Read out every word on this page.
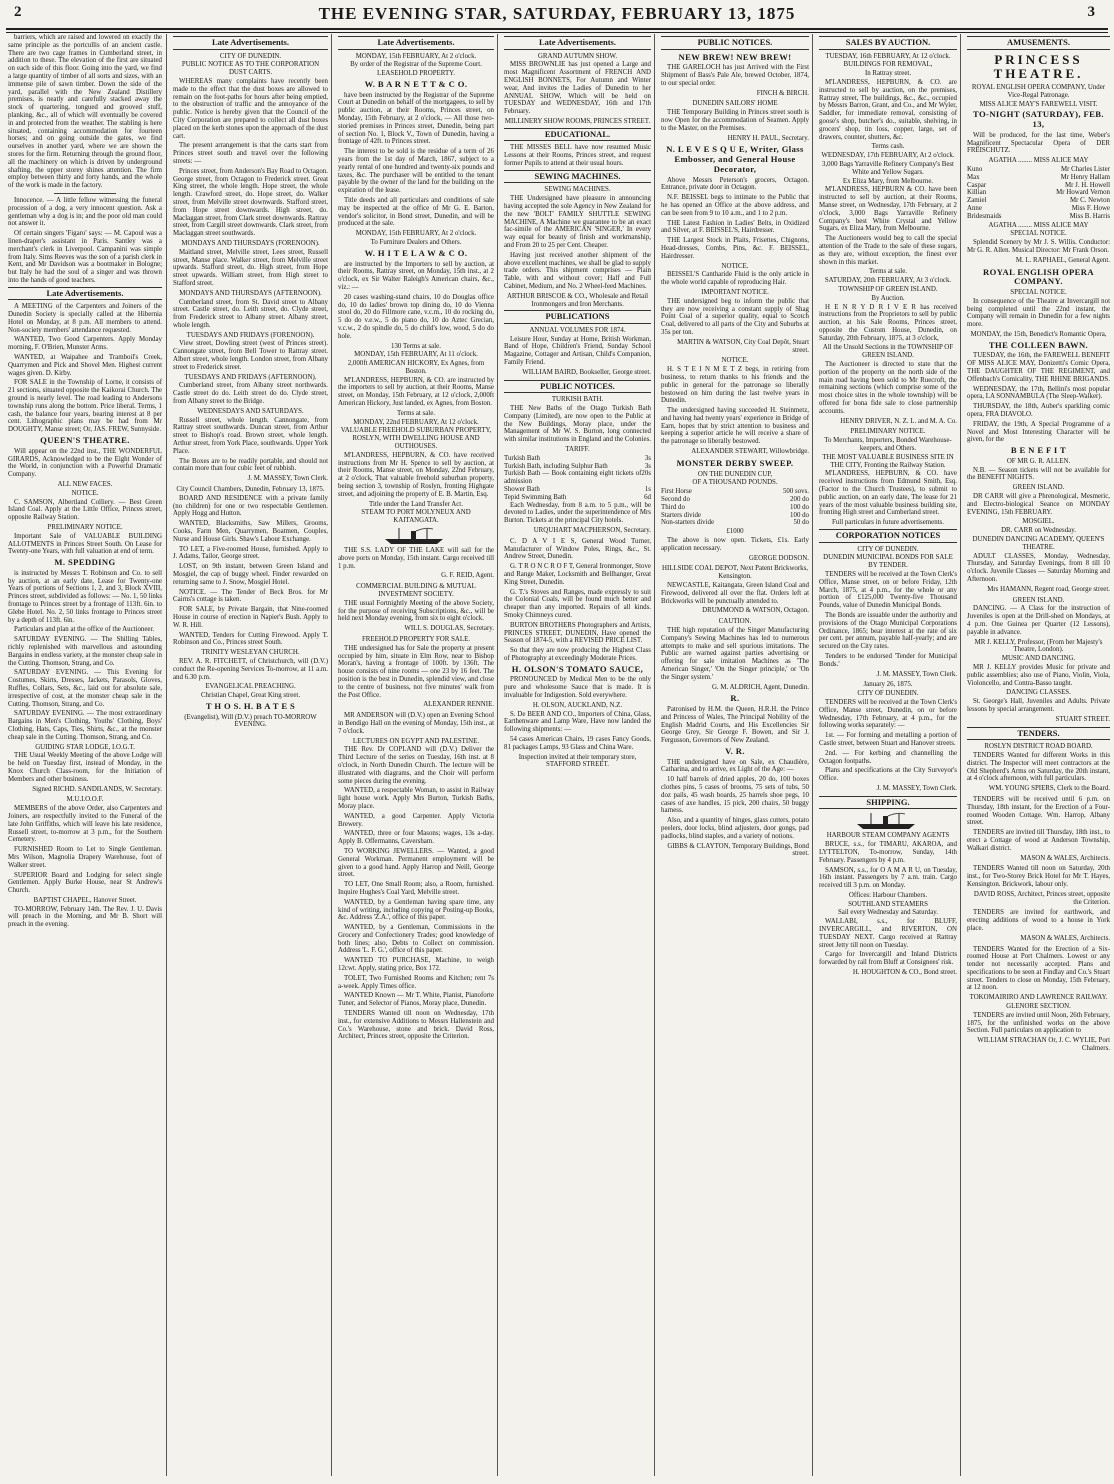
2	THE EVENING STAR, SATURDAY, FEBRUARY 13, 1875	3

barriers, which are raised and lowered on exactly the same principle as the portcullis of an ancient castle. There are two cage frames in Cumberland street, in addition to these. The elevation of the first are situated on each side of this floor. Going into the yard, we find a large quantity of timber of all sorts and sizes, with an immense pile of sawn timber. Down the side of the yard, parallel with the New Zealand Distillery premises, is neatly and carefully stacked away the stock of quartering, tongued and grooved stuff, planking, &c., all of which will eventually be covered in and protected from the weather. The stabling is here situated, containing accommodation for fourteen horses; and on going outside the gates, we find ourselves in another yard, where we are shown the stores for the firm. Returning through the ground floor, all the machinery on which is driven by underground shafting, the upper storey shines attention. The firm employ between thirty and forty hands, and the whole of the work is made in the factory.

Innocence. — A little fellow witnessing the funeral procession of a dog, a very innocent question. Ask a gentleman why a dog is in; and the poor old man could not answer it.

Of certain singers 'Figaro' says: — M. Capoul was a linen-draper's assistant in Paris. Santley was a merchant's clerk in Liverpool. Campanini was simple from Italy. Sims Reeves was the son of a parish clerk in Kent, and Mr Davidson was a bootmaker in Bologne; but Italy he had the soul of a singer and was thrown into the hands of good teachers.

Late Advertisements.

A MEETING of the Carpenters and Joiners of the Dunedin Society is specially called at the Hibernia Hotel on Monday, at 8 p.m. All members to attend. Non-society members' attendance requested.

WANTED, Two Good Carpenters. Apply Monday morning, F. O'Brien, Munster Arms.

WANTED, at Waipahee and Tramboil's Creek, Quarrymen and Pick and Shovel Men. Highest current wages given. D. Kirby.

FOR SALE in the Township of Lorne, it consists of 21 sections, situated opposite the Kaikorai Church. The ground is nearly level. The road leading to Andersons township runs along the bottom. Price liberal. Terms, 1 cash, the balance four years, bearing interest at 8 per cent. Lithographic plans may be had from Mr DOUGHTY, Manse street; Or, JAS. FREW, Sunnyside.

QUEEN'S THEATRE.

Will appear on the 22nd inst., THE WONDERFUL GIRARDS, Acknowledged to be the Eight Wonder of the World, in conjunction with a Powerful Dramatic Company.

ALL NEW FACES.
NOTICE.

C. SAMSON, Albertland Colliery. — Best Green Island Coal. Apply at the Little Office, Princes street, opposite Railway Station.

PRELIMINARY NOTICE.

Important Sale of VALUABLE BUILDING ALLOTMENTS in Princes Street South. On Lease for Twenty-one Years, with full valuation at end of term.

M. SPEDDING

is instructed by Messrs T. Robinson and Co. to sell by auction, at an early date, Lease for Twenty-one Years of portions of Sections 1, 2, and 3, Block XVIII, Princes street, subdivided as follows: — No. 1, 50 links frontage to Princes street by a frontage of 113ft. 6in. to Glebe Hotel. No. 2, 50 links frontage to Princes street by a depth of 113ft. 6in.

Particulars and plan at the office of the Auctioneer.

SATURDAY EVENING. — The Shilling Tables, richly replenished with marvellous and astounding Bargains in endless variety, at the monster cheap sale in the Cutting. Thomson, Strang, and Co.

SATURDAY EVENING. — This Evening for Costumes, Skirts, Dresses, Jackets, Parasols, Gloves, Ruffles, Collars, Sets, &c., laid out for absolute sale, irrespective of cost, at the monster cheap sale in the Cutting. Thomson, Strang, and Co.

SATURDAY EVENING. — The most extraordinary Bargains in Men's Clothing, Youths' Clothing, Boys' Clothing, Hats, Caps, Ties, Shirts, &c., at the monster cheap sale in the Cutting. Thomson, Strang, and Co.

GUIDING STAR LODGE, I.O.G.T.

THE Usual Weekly Meeting of the above Lodge will be held on Tuesday first, instead of Monday, in the Knox Church Class-room, for the Initiation of Members and other business.

Signed RICHD. SANDILANDS, W. Secretary.
M.U.I.O.O.F.

MEMBERS of the above Order, also Carpenters and Joiners, are respectfully invited to the Funeral of the late John Griffiths, which will leave his late residence, Russell street, to-morrow at 3 p.m., for the Southern Cemetery.

FURNISHED Room to Let to Single Gentleman. Mrs Wilson, Magnolia Drapery Warehouse, foot of Walker street.

SUPERIOR Board and Lodging for select single Gentlemen. Apply Burke House, near St Andrew's Church.

BAPTIST CHAPEL, Hanover Street.

TO-MORROW, February 14th. The Rev. J. U. Davis will preach in the Morning, and Mr B. Short will preach in the evening.

Late Advertisements.
CITY OF DUNEDIN.
PUBLIC NOTICE AS TO THE CORPORATION DUST CARTS.

WHEREAS many complaints have recently been made to the effect that the dust boxes are allowed to remain on the foot-paths for hours after being emptied, to the obstruction of traffic and the annoyance of the public. Notice is hereby given that the Council of the City Corporation are prepared to collect all dust boxes placed on the kerb stones upon the approach of the dust cart.

The present arrangement is that the carts start from Princes street south and travel over the following streets: —

Princes street, from Anderson's Bay Road to Octagon. George street, from Octagon to Frederick street. Great King street, the whole length. Hope street, the whole length. Crawford street, do. Hope street, do. Walker street, from Melville street downwards. Stafford street, from Hope street downwards. High street, do. Maclaggan street, from Clark street downwards. Rattray street, from Cargill street downwards. Clark street, from Maclaggan street southwards.

MONDAYS AND THURSDAYS (FORENOON).

Maitland street, Melville street, Lees street, Russell street, Manse place. Walker street, from Melville street upwards. Stafford street, do. High street, from Hope street upwards. William street, from High street to Stafford street.

MONDAYS AND THURSDAYS (AFTERNOON).

Cumberland street, from St. David street to Albany street. Castle street, do. Leith street, do. Clyde street, from Frederick street to Albany street. Albany street, whole length.

TUESDAYS AND FRIDAYS (FORENOON).

View street, Dowling street (west of Princes street). Cannongate street, from Bell Tower to Rattray street. Albert street, whole length. London street, from Albany street to Frederick street.

TUESDAYS AND FRIDAYS (AFTERNOON).

Cumberland street, from Albany street northwards. Castle street do do. Leith street do do. Clyde street, from Albany street to the Bridge.

WEDNESDAYS AND SATURDAYS.

Russell street, whole length. Cannongate, from Rattray street southwards. Duncan street, from Arthur street to Bishop's road. Brown street, whole length. Arthur street, from York Place, southwards. Upper York Place.

The Boxes are to be readily portable, and should not contain more than four cubic feet of rubbish.

J. M. MASSEY, Town Clerk.
City Council Chambers, Dunedin, February 13, 1875.

BOARD AND RESIDENCE with a private family (no children) for one or two respectable Gentlemen. Apply Hogg and Hutton.

WANTED, Blacksmiths, Saw Millers, Grooms, Cooks, Farm Men, Quarrymen, Boatmen, Couples, Nurse and House Girls. Shaw's Labour Exchange.

TO LET, a Five-roomed House, furnished. Apply to J. Adams, Tailor, George street.

LOST, on 9th instant, between Green Island and Mosgiel, the cap of buggy wheel. Finder rewarded on returning same to J. Snow, Mosgiel Hotel.

NOTICE. — The Tender of Beck Bros. for Mr Cairns's cottage is taken.

FOR SALE, by Private Bargain, that Nine-roomed House in course of erection in Napier's Bush. Apply to W. R. Hill.

WANTED, Tenders for Cutting Firewood. Apply T. Robinson and Co., Princes street South.

TRINITY WESLEYAN CHURCH.

REV. A. R. FITCHETT, of Christchurch, will (D.V.) conduct the Re-opening Services To-morrow, at 11 a.m. and 6.30 p.m.

EVANGELICAL PREACHING.
Christian Chapel, Great King street.
T H O S. H. B A T E S
(Evangelist), Will (D.V.) preach TO-MORROW EVENING.
Late Advertisements.
MONDAY, 15th FEBRUARY, At 2 o'clock.
By order of the Registrar of the Supreme Court.
LEASEHOLD PROPERTY.
W. B A R N E T T & C O.

have been instructed by the Registrar of the Supreme Court at Dunedin on behalf of the mortgagees, to sell by public auction, at their Rooms, Princes street, on Monday, 15th February, at 2 o'clock, — All those two-storied premises in Princes street, Dunedin, being part of section No. 1, Block V., Town of Dunedin, having a frontage of 42ft. to Princes street.

The interest to be sold is the residue of a term of 26 years from the 1st day of March, 1867, subject to a yearly rental of one hundred and twenty-six pounds and taxes, &c. The purchaser will be entitled to the tenant payable by the owner of the land for the building on the expiration of the lease.

Title deeds and all particulars and conditions of sale may be inspected at the office of Mr G. E. Barton, vendor's solicitor, in Bond street, Dunedin, and will be produced at the sale.

MONDAY, 15th FEBRUARY, At 2 o'clock.
To Furniture Dealers and Others.
W. H I T E L A W & C O.

are instructed by the Importers to sell by auction, at their Rooms, Rattray street, on Monday, 15th inst., at 2 o'clock, ex Sir Walter Raleigh's American chairs, &c., viz.: —

20 cases washing-stand chairs, 10 do Douglas office do, 10 do ladies' brown top dining do, 10 do Vienna stool do, 20 do Fillmore cane, v.c.m., 10 do rocking do, 5 do do v.e.w., 5 do piano do, 10 do Aztec Grecian, v.c.w., 2 do spindle do, 5 do child's low, wood, 5 do do hole.

130 Terms at sale.
MONDAY, 15th FEBRUARY, At 11 o'clock.
2,000ft AMERICAN HICKORY, Ex Agnes, from Boston.

M'LANDRESS, HEPBURN, & CO. are instructed by the importers to sell by auction, at their Rooms, Manse street, on Monday, 15th February, at 12 o'clock, 2,000ft American Hickory, Just landed, ex Agnes, from Boston.

Terms at sale.
MONDAY, 22nd FEBRUARY, At 12 o'clock.
VALUABLE FREEHOLD SUBURBAN PROPERTY, ROSLYN, WITH DWELLING HOUSE AND OUTHOUSES.

M'LANDRESS, HEPBURN, & CO. have received instructions from Mr H. Spence to sell by auction, at their Rooms, Manse street, on Monday, 22nd February, at 2 o'clock, That valuable freehold suburban property, being section 3, township of Roslyn, fronting Highgate street, and adjoining the property of E. B. Martin, Esq.

Title under the Land Transfer Act.
STEAM TO PORT MOLYNEUX AND KAITANGATA.

THE S.S. LADY OF THE LAKE will sail for the above ports on Monday, 15th instant. Cargo received till 1 p.m.

G. F. REID, Agent.
COMMERCIAL BUILDING & MUTUAL INVESTMENT SOCIETY.

THE usual Fortnightly Meeting of the above Society, for the purpose of receiving Subscriptions, &c., will be held next Monday evening, from six to eight o'clock.

WILL S. DOUGLAS, Secretary.
FREEHOLD PROPERTY FOR SALE.

THE undersigned has for Sale the property at present occupied by him, situate in Elm Row, near to Bishop Moran's, having a frontage of 100ft. by 136ft. The house consists of nine rooms — one 23 by 16 feet. The position is the best in Dunedin, splendid view, and close to the centre of business, not five minutes' walk from the Post Office.

ALEXANDER RENNIE.

MR ANDERSON will (D.V.) open an Evening School in Bendigo Hall on the evening of Monday, 15th inst., at 7 o'clock.

LECTURES ON EGYPT AND PALESTINE.

THE Rev. Dr COPLAND will (D.V.) Deliver the Third Lecture of the series on Tuesday, 16th inst. at 8 o'clock, in North Dunedin Church. The lecture will be illustrated with diagrams, and the Choir will perform some pieces during the evening.

WANTED, a respectable Woman, to assist in Railway light house work. Apply Mrs Burton, Turkish Baths, Moray place.

WANTED, a good Carpenter. Apply Victoria Brewery.

WANTED, three or four Masons; wages, 13s a-day. Apply B. Offermanns, Caversham.

TO WORKING JEWELLERS. — Wanted, a good General Workman. Permanent employment will be given to a good hand. Apply Harrop and Neill, George street.

TO LET, One Small Room; also, a Room, furnished. Inquire Hughes's Coal Yard, Melville street.

WANTED, by a Gentleman having spare time, any kind of writing, including copying or Posting-up Books, &c. Address 'Z.A.', office of this paper.

WANTED, by a Gentleman, Commissions in the Grocery and Confectionery Trades; good knowledge of both lines; also, Debts to Collect on commission. Address 'L. F. G.', office of this paper.

WANTED TO PURCHASE, Machine, to weigh 12cwt. Apply, stating price, Box 172.

TOLET, Two Furnished Rooms and Kitchen; rent 7s a-week. Apply Times office.

WANTED Known — Mr T. White, Pianist, Pianoforte Tuner, and Selector of Pianos, Moray place, Dunedin.

TENDERS Wanted till noon on Wednesday, 17th inst., for extensive Additions to Messrs Hallenstein and Co.'s Warehouse, stone and brick. David Ross, Architect, Princes street, opposite the Criterion.

Late Advertisements.
GRAND AUTUMN SHOW.

MISS BROWNLIE has just opened a Large and most Magnificent Assortment of FRENCH AND ENGLISH BONNETS, For Autumn and Winter wear, And invites the Ladies of Dunedin to her ANNUAL SHOW, Which will be held on TUESDAY and WEDNESDAY, 16th and 17th February.

MILLINERY SHOW ROOMS, PRINCES STREET.
EDUCATIONAL.

THE MISSES BELL have now resumed Music Lessons at their Rooms, Princes street, and request former Pupils to attend at their usual hours.

SEWING MACHINES.
SEWING MACHINES.

THE Undersigned have pleasure in announcing having accepted the sole Agency in New Zealand for the new 'BOLT' FAMILY SHUTTLE SEWING MACHINE, A Machine we guarantee to be an exact fac-simile of the AMERICAN 'SINGER,' In every way equal for beauty of finish and workmanship, and From 20 to 25 per Cent. Cheaper.

Having just received another shipment of the above excellent machines, we shall be glad to supply trade orders. This shipment comprises — Plain Table, with and without cover; Half and Full Cabinet, Medium, and No. 2 Wheel-feed Machines.

ARTHUR BRISCOE & CO., Wholesale and Retail Ironmongers and Iron Merchants.
PUBLICATIONS
ANNUAL VOLUMES FOR 1874.

Leisure Hour, Sunday at Home, British Workman, Band of Hope, Children's Friend, Sunday School Magazine, Cottager and Artisan, Child's Companion, Family Friend.

WILLIAM BAIRD, Bookseller, George street.
PUBLIC NOTICES.
TURKISH BATH.

THE New Baths of the Otago Turkish Bath Company (Limited), are now open to the Public at the New Buildings, Moray place, under the Management of Mr W. S. Burton, long connected with similar institutions in England and the Colonies.

TARIFF.
Turkish Bath	3s
Turkish Bath, including Sulphur Bath	3s
Turkish Bath — Book containing eight tickets of admission
20s
Shower Bath	1s
Tepid Swimming Bath	6d

Each Wednesday, from 8 a.m. to 5 p.m., will be devoted to Ladies, under the superintendence of Mrs Burton. Tickets at the principal City hotels.

URQUHART MACPHERSON, Secretary.

C. D A V I E S, General Wood Turner, Manufacturer of Window Poles, Rings, &c., St. Andrew Street, Dunedin.

G. T R O N C R O F T, General Ironmonger, Stove and Range Maker, Locksmith and Bellhanger, Great King Street, Dunedin.

G. T.'s Stoves and Ranges, made expressly to suit the Colonial Coals, will be found much better and cheaper than any imported. Repairs of all kinds. Smoky Chimneys cured.

BURTON BROTHERS Photographers and Artists, PRINCES STREET, DUNEDIN, Have opened the Season of 1874-5, with a REVISED PRICE LIST.

So that they are now producing the Highest Class of Photography at exceedingly Moderate Prices.

H. OLSON'S TOMATO SAUCE,

PRONOUNCED by Medical Men to be the only pure and wholesome Sauce that is made. It is invaluable for Indigestion. Sold everywhere.

H. OLSON, AUCKLAND, N.Z.

S. De BEER AND CO., Importers of China, Glass, Earthenware and Lamp Ware, Have now landed the following shipments: —

54 cases American Chairs, 19 cases Fancy Goods, 81 packages Lamps, 93 Glass and China Ware.

Inspection invited at their temporary store, STAFFORD STREET.
PUBLIC NOTICES.
NEW BREW! NEW BREW!

THE GARELOCH has just Arrived with the First Shipment of Bass's Pale Ale, brewed October, 1874, to our special order.

FINCH & BIRCH.
DUNEDIN SAILORS' HOME

THE Temporary Building in Princes street south is now Open for the accommodation of Seamen. Apply to the Master, on the Premises.

HENRY H. PAUL, Secretary.
N. L E V E S Q U E, Writer, Glass Embosser, and General House Decorator,

Above Messrs Peterson's grocers, Octagon. Entrance, private door in Octagon.

N.F. BEISSEL begs to intimate to the Public that he has opened an Office at the above address, and can be seen from 9 to 10 a.m., and 1 to 2 p.m.

THE Latest Fashion in Ladies' Belts, in Oxidized and Silver, at F. BEISSEL'S, Hairdresser.

THE Largest Stock in Plaits, Frisettes, Chignons, Head-dresses, Combs, Pins, &c. F. BEISSEL, Hairdresser.

NOTICE.

BEISSEL'S Cantharide Fluid is the only article in the whole world capable of reproducing Hair.

IMPORTANT NOTICE.

THE undersigned beg to inform the public that they are now receiving a constant supply of Shag Point Coal of a superior quality, equal to Scotch Coal, delivered to all parts of the City and Suburbs at 35s per ton.

MARTIN & WATSON, City Coal Depôt, Stuart street.
NOTICE.

H. S T E I N M E T Z begs, in retiring from business, to return thanks to his friends and the public in general for the patronage so liberally bestowed on him during the last twelve years in Dunedin.

The undersigned having succeeded H. Steinmetz, and having had twenty years' experience in Bridge of Earn, hopes that by strict attention to business and keeping a superior article he will receive a share of the patronage so liberally bestowed.

ALEXANDER STEWART, Willowbridge.
MONSTER DERBY SWEEP.
ON THE DUNEDIN CUP,
OF A THOUSAND POUNDS.
First Horse	500 sovs.
Second do	200 do
Third do	100 do
Starters divide	100 do
Non-starters divide	50 do
£1000

The above is now open. Tickets, £1s. Early application necessary.

GEORGE DODSON.
HILLSIDE COAL DEPOT, Next Patent Brickworks, Kensington.

NEWCASTLE, Kaitangata, Green Island Coal and Firewood, delivered all over the flat. Orders left at Brickworks will be punctually attended to.

DRUMMOND & WATSON, Octagon.
CAUTION.

THE high reputation of the Singer Manufacturing Company's Sewing Machines has led to numerous attempts to make and sell spurious imitations. The Public are warned against parties advertising or offering for sale imitation Machines as 'The American Singer,' 'On the Singer principle,' or 'On the Singer system.'

G. M. ALDRICH, Agent, Dunedin.
R.

Patronised by H.M. the Queen, H.R.H. the Prince and Princess of Wales, The Principal Nobility of the English Madrid Courts, and His Excellencies Sir George Grey, Sir George F. Bowen, and Sir J. Fergusson, Governors of New Zealand.

V. R.

THE undersigned have on Sale, ex Chaudière, Catharina, and to arrive, ex Light of the Age: —

10 half barrels of dried apples, 20 do, 100 boxes clothes pins, 5 cases of brooms, 75 sets of tubs, 50 doz pails, 45 wash boards, 25 barrels shoe pegs, 10 cases of axe handles, 15 pick, 200 chairs, 50 buggy harness.

Also, and a quantity of hinges, glass cutters, potato peelers, door locks, blind adjusters, door gongs, pad padlocks, blind staples, and a variety of notions.

GIBBS & CLAYTON, Temporary Buildings, Bond street.
SALES BY AUCTION.
TUESDAY, 16th FEBRUARY, At 12 o'clock.
BUILDINGS FOR REMOVAL,
In Rattray street.

M'LANDRESS, HEPBURN, & CO. are instructed to sell by auction, on the premises, Rattray street, The buildings, &c., &c., occupied by Messrs Barron, Grant, and Co., and Mr Wyler, Saddler, for immediate removal, consisting of goose's shop, butcher's do., suitable, shelving, in grocers' shop, tin loss, copper, large, set of drawers, counter, shutters, &c.

Terms cash.
WEDNESDAY, 17th FEBRUARY, At 2 o'clock.
3,000 Bags Yarraville Refinery Company's Best White and Yellow Sugars.
Ex Eliza Mary, from Melbourne.

M'LANDRESS, HEPBURN & CO. have been instructed to sell by auction, at their Rooms, Manse street, on Wednesday, 17th February, at 2 o'clock, 3,000 Bags Yarraville Refinery Company's best White Crystal and Yellow Sugars, ex Eliza Mary, from Melbourne.

The Auctioneers would beg to call the special attention of the Trade to the sale of these sugars, as they are, without exception, the finest ever shown in this market.

Terms at sale.
SATURDAY, 20th FEBRUARY, At 3 o'clock.
TOWNSHIP OF GREEN ISLAND.
By Auction.

H E N R Y D R I V E R has received instructions from the Proprietors to sell by public auction, at his Sale Rooms, Princes street, opposite the Custom House, Dunedin, on Saturday, 20th February, 1875, at 3 o'clock,

All the Unsold Sections in the TOWNSHIP OF GREEN ISLAND.

The Auctioneer is directed to state that the portion of the property on the north side of the main road having been sold to Mr Ruecroft, the remaining sections (which comprise some of the most choice sites in the whole township) will be offered for bona fide sale to close partnership accounts.

HENRY DRIVER, N. Z. L. and M. A. Co.
PRELIMINARY NOTICE.
To Merchants, Importers, Bonded Warehouse-keepers, and Others.
THE MOST VALUABLE BUSINESS SITE IN THE CITY, Fronting the Railway Station.

M'LANDRESS, HEPBURN, & CO. have received instructions from Edmund Smith, Esq. (Factor to the Church Trustees), to submit to public auction, on an early date, The lease for 21 years of the most valuable business building site, fronting High street and Cumberland street.

Full particulars in future advertisements.
CORPORATION NOTICES
CITY OF DUNEDIN.
DUNEDIN MUNICIPAL BONDS FOR SALE BY TENDER.

TENDERS will be received at the Town Clerk's Office, Manse street, on or before Friday, 12th March, 1875, at 4 p.m., for the whole or any portion of £125,000 Twenty-five Thousand Pounds, value of Dunedin Municipal Bonds.

The Bonds are issuable under the authority and provisions of the Otago Municipal Corporations Ordinance, 1865; bear interest at the rate of six per cent. per annum, payable half-yearly; and are secured on the City rates.

Tenders to be endorsed 'Tender for Municipal Bonds.'

J. M. MASSEY, Town Clerk.
January 26, 1875.
CITY OF DUNEDIN.

TENDERS will be received at the Town Clerk's Office, Manse street, Dunedin, on or before Wednesday, 17th February, at 4 p.m., for the following works separately: —

1st. — For forming and metalling a portion of Castle street, between Stuart and Hanover streets.

2nd. — For kerbing and channelling the Octagon footpaths.

Plans and specifications at the City Surveyor's Office.

J. M. MASSEY, Town Clerk.
SHIPPING.
HARBOUR STEAM COMPANY AGENTS

BRUCE, s.s., for TIMARU, AKAROA, and LYTTELTON, To-morrow, Sunday, 14th February. Passengers by 4 p.m.

SAMSON, s.s., for O A M A R U, on Tuesday, 16th instant. Passengers by 7 a.m. train. Cargo received till 3 p.m. on Monday.

Offices: Harbour Chambers.
SOUTHLAND STEAMERS
Sail every Wednesday and Saturday.

WALLABI, s.s., for BLUFF, INVERCARGILL, and RIVERTON, ON TUESDAY NEXT. Cargo received at Rattray street Jetty till noon on Tuesday.

Cargo for Invercargill and Inland Districts forwarded by rail from Bluff at Consignees' risk.

H. HOUGHTON & CO., Bond street.
AMUSEMENTS.
PRINCESS THEATRE.
ROYAL ENGLISH OPERA COMPANY, Under Vice-Regal Patronage.
MISS ALICE MAY'S FAREWELL VISIT.
TO-NIGHT (SATURDAY), FEB. 13,

Will be produced, for the last time, Weber's Magnificent Spectacular Opera of DER FREISCHUTZ.

AGATHA ........ MISS ALICE MAY
Kuno	Mr Charles Lister
Max	Mr Henry Hallam
Caspar	Mr J. H. Howell
Killian	Mr Howard Vernon
Zamiel	Mr C. Newton
Anne	Miss F. Howe
Bridesmaids	Miss B. Harris
AGATHA ........ MISS ALICE MAY
SPECIAL NOTICE.

Splendid Scenery by Mr J. S. Willis. Conductor: Mr G. R. Allen. Musical Director: Mr Frank Orson.

M. L. RAPHAEL, General Agent.
ROYAL ENGLISH OPERA COMPANY.
SPECIAL NOTICE.

In consequence of the Theatre at Invercargill not being completed until the 22nd instant, the Company will remain in Dunedin for a few nights more.

MONDAY, the 15th, Benedict's Romantic Opera,
THE COLLEEN BAWN.

TUESDAY, the 16th, the FAREWELL BENEFIT OF MISS ALICE MAY, Donizetti's Comic Opera, THE DAUGHTER OF THE REGIMENT, and Offenbach's Comicality, THE RHINE BRIGANDS.

WEDNESDAY, the 17th, Bellini's most popular opera, LA SONNAMBULA (The Sleep-Walker).

THURSDAY, the 18th, Auber's sparkling comic opera, FRA DIAVOLO.

FRIDAY, the 19th, A Special Programme of a Novel and Most Interesting Character will be given, for the

B E N E F I T
OF MR G. R. ALLEN.

N.B. — Season tickets will not be available for the BENEFIT NIGHTS.

GREEN ISLAND.

DR CARR will give a Phrenological, Mesmeric, and Electro-biological Seance on MONDAY EVENING, 15th FEBRUARY.

MOSGIEL.
DR. CARR on Wednesday.
DUNEDIN DANCING ACADEMY, QUEEN'S THEATRE.

ADULT CLASSES, Monday, Wednesday, Thursday, and Saturday Evenings, from 8 till 10 o'clock. Juvenile Classes — Saturday Morning and Afternoon.

Mrs HAMANN, Regent road, George street.
GREEN ISLAND.

DANCING. — A Class for the instruction of Juveniles is open at the Drill-shed on Mondays, at 4 p.m. One Guinea per Quarter (12 Lessons), payable in advance.

MR J. KELLY, Professor, (From her Majesty's Theatre, London).
MUSIC AND DANCING.

MR J. KELLY provides Music for private and public assemblies; also use of Piano, Violin, Viola, Violoncello, and Contra-Basso taught.

DANCING CLASSES.

St. George's Hall, Juveniles and Adults. Private lessons by special arrangement.

STUART STREET.
TENDERS.
ROSLYN DISTRICT ROAD BOARD.

TENDERS Wanted for different Works in this district. The Inspector will meet contractors at the Old Shepherd's Arms on Saturday, the 20th instant, at 4 o'clock afternoon, with full particulars.

WM. YOUNG SPIERS, Clerk to the Board.

TENDERS will be received until 6 p.m. on Thursday, 18th instant, for the Erection of a Four-roomed Wooden Cottage. Wm. Harrop, Albany street.

TENDERS are invited till Thursday, 18th inst., to erect a Cottage of wood at Anderson Township, Walkari district.

MASON & WALES, Architects.

TENDERS Wanted till noon on Saturday, 20th inst., for Two-Storey Brick Hotel for Mr T. Hayes, Kensington. Brickwork, labour only.

DAVID ROSS, Architect, Princes street, opposite the Criterion.

TENDERS are invited for earthwork, and erecting additions of wood to a house in York place.

MASON & WALES, Architects.

TENDERS Wanted for the Erection of a Six-roomed House at Port Chalmers. Lowest or any tender not necessarily accepted. Plans and specifications to be seen at Findlay and Co.'s Stuart street. Tenders to close on Monday, 15th February, at 12 noon.

TOKOMAIRIRO AND LAWRENCE RAILWAY.
GLENORE SECTION.

TENDERS are invited until Noon, 26th February, 1875, for the unfinished works on the above Section. Full particulars on application to

WILLIAM STRACHAN Or, J. C. WYLIE, Port Chalmers.
